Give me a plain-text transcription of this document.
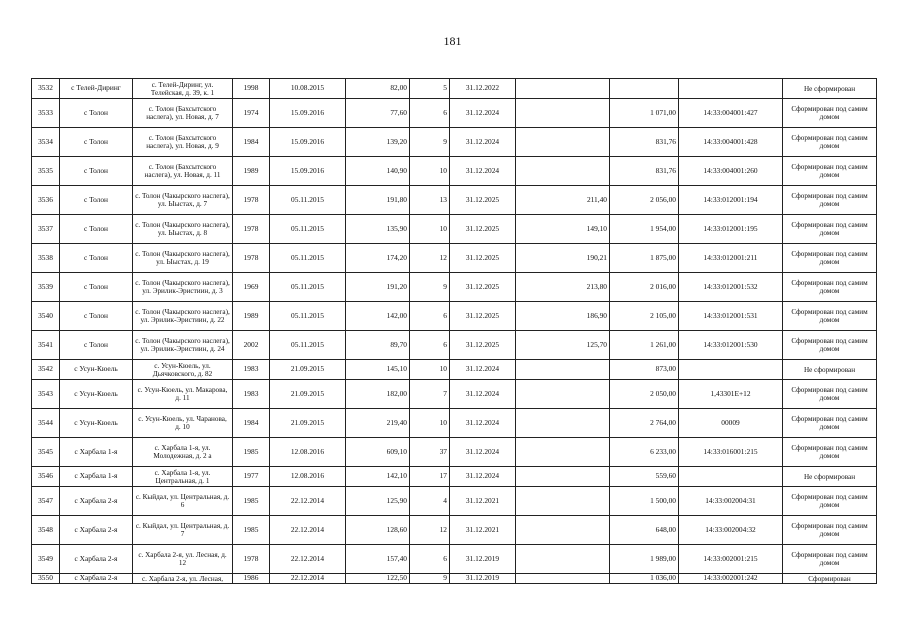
181
3532	с Телей-Диринг	с. Телей-Диринг, ул. Телейская, д. 39, к. 1	1998	10.08.2015	82,00	5	31.12.2022				Не сформирован
3533	с Толон	с. Толон (Бахсытского наслега), ул. Новая, д. 7	1974	15.09.2016	77,60	6	31.12.2024		1 071,00	14:33:004001:427	Сформирован под самим домом
3534	с Толон	с. Толон (Бахсытского наслега), ул. Новая, д. 9	1984	15.09.2016	139,20	9	31.12.2024		831,76	14:33:004001:428	Сформирован под самим домом
3535	с Толон	с. Толон (Бахсытского наслега), ул. Новая, д. 11	1989	15.09.2016	140,90	10	31.12.2024		831,76	14:33:004001:260	Сформирован под самим домом
3536	с Толон	с. Толон (Чакырского наслега), ул. Ыыстах, д. 7	1978	05.11.2015	191,80	13	31.12.2025	211,40	2 056,00	14:33:012001:194	Сформирован под самим домом
3537	с Толон	с. Толон (Чакырского наслега), ул. Ыыстах, д. 8	1978	05.11.2015	135,90	10	31.12.2025	149,10	1 954,00	14:33:012001:195	Сформирован под самим домом
3538	с Толон	с. Толон (Чакырского наслега), ул. Ыыстах, д. 19	1978	05.11.2015	174,20	12	31.12.2025	190,21	1 875,00	14:33:012001:211	Сформирован под самим домом
3539	с Толон	с. Толон (Чакырского наслега), ул. Эрилик-Эристиин, д. 3	1969	05.11.2015	191,20	9	31.12.2025	213,80	2 016,00	14:33:012001:532	Сформирован под самим домом
3540	с Толон	с. Толон (Чакырского наслега), ул. Эрилик-Эристиин, д. 22	1989	05.11.2015	142,00	6	31.12.2025	186,90	2 105,00	14:33:012001:531	Сформирован под самим домом
3541	с Толон	с. Толон (Чакырского наслега), ул. Эрилик-Эристиин, д. 24	2002	05.11.2015	89,70	6	31.12.2025	125,70	1 261,00	14:33:012001:530	Сформирован под самим домом
3542	с Усун-Кюель	с. Усун-Кюель, ул. Дьячковского, д. 82	1983	21.09.2015	145,10	10	31.12.2024		873,00		Не сформирован
3543	с Усун-Кюель	с. Усун-Кюель, ул. Макарова, д. 11	1983	21.09.2015	182,00	7	31.12.2024		2 050,00	1,43301E+12	Сформирован под самим домом
3544	с Усун-Кюель	с. Усун-Кюель, ул. Чаранова, д. 10	1984	21.09.2015	219,40	10	31.12.2024		2 764,00	00009	Сформирован под самим домом
3545	с Харбала 1-я	с. Харбала 1-я, ул. Молодежная, д. 2 а	1985	12.08.2016	609,10	37	31.12.2024		6 233,00	14:33:016001:215	Сформирован под самим домом
3546	с Харбала 1-я	с. Харбала 1-я, ул. Центральная, д. 1	1977	12.08.2016	142,10	17	31.12.2024		559,60		Не сформирован
3547	с Харбала 2-я	с. Кыйдал, ул. Центральная, д. 6	1985	22.12.2014	125,90	4	31.12.2021		1 500,00	14:33:002004:31	Сформирован под самим домом
3548	с Харбала 2-я	с. Кыйдал, ул. Центральная, д. 7	1985	22.12.2014	128,60	12	31.12.2021		648,00	14:33:002004:32	Сформирован под самим домом
3549	с Харбала 2-я	с. Харбала 2-я, ул. Лесная, д. 12	1978	22.12.2014	157,40	6	31.12.2019		1 989,00	14:33:002001:215	Сформирован под самим домом
3550	с Харбала 2-я	с. Харбала 2-я, ул. Лесная,	1986	22.12.2014	122,50	9	31.12.2019		1 036,00	14:33:002001:242	Сформирован
